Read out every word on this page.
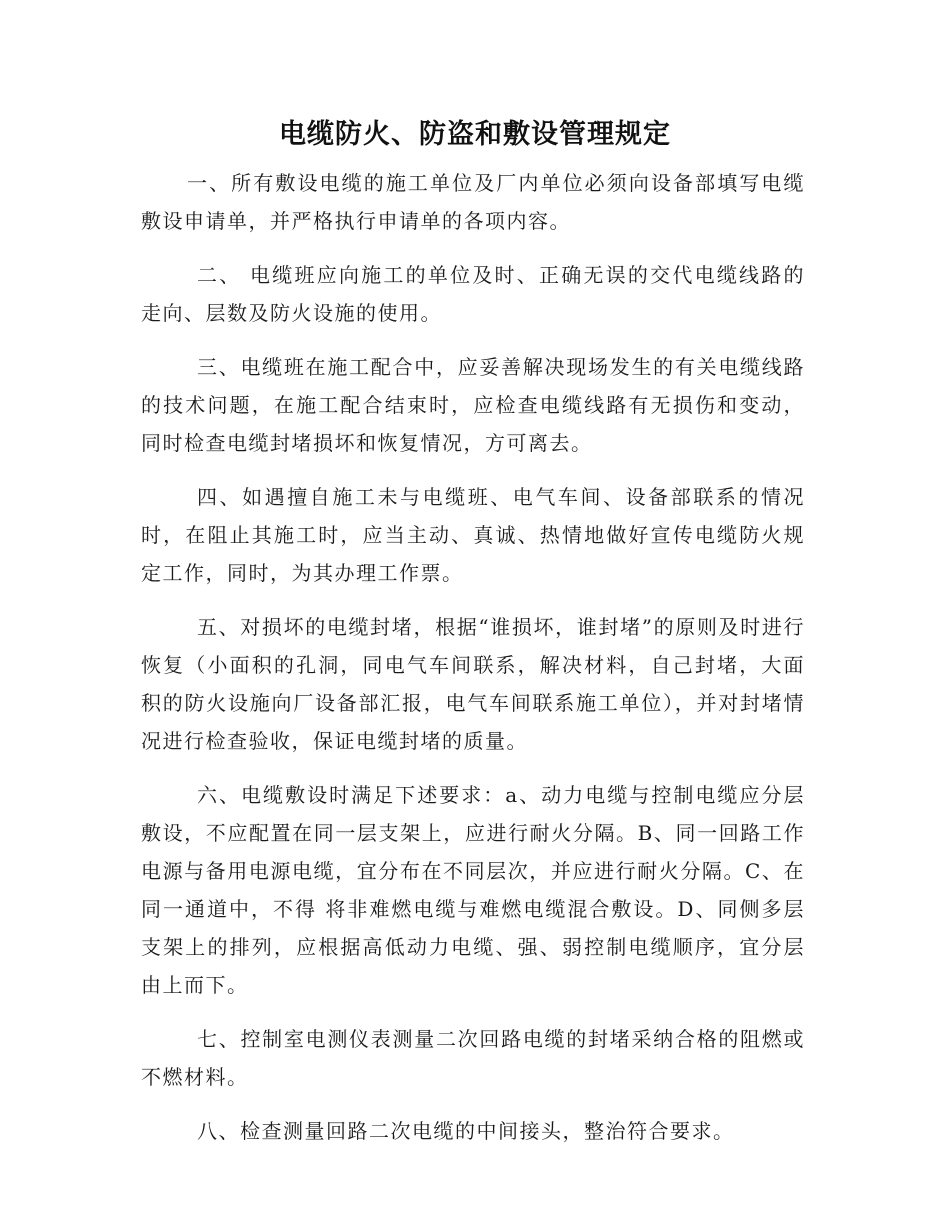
电缆防火、防盗和敷设管理规定

一、所有敷设电缆的施工单位及厂内单位必须向设备部填写电缆敷设申请单，并严格执行申请单的各项内容。

二、 电缆班应向施工的单位及时、正确无误的交代电缆线路的走向、层数及防火设施的使用。

三、电缆班在施工配合中，应妥善解决现场发生的有关电缆线路的技术问题，在施工配合结束时，应检查电缆线路有无损伤和变动，同时检查电缆封堵损坏和恢复情况，方可离去。

四、如遇擅自施工未与电缆班、电气车间、设备部联系的情况时，在阻止其施工时，应当主动、真诚、热情地做好宣传电缆防火规定工作，同时，为其办理工作票。

五、对损坏的电缆封堵，根据“谁损坏，谁封堵”的原则及时进行恢复（小面积的孔洞，同电气车间联系，解决材料，自己封堵，大面积的防火设施向厂设备部汇报，电气车间联系施工单位），并对封堵情况进行检查验收，保证电缆封堵的质量。

六、电缆敷设时满足下述要求：a、动力电缆与控制电缆应分层敷设，不应配置在同一层支架上，应进行耐火分隔。B、同一回路工作电源与备用电源电缆，宜分布在不同层次，并应进行耐火分隔。C、在同一通道中，不得 将非难燃电缆与难燃电缆混合敷设。D、同侧多层支架上的排列，应根据高低动力电缆、强、弱控制电缆顺序，宜分层由上而下。

七、控制室电测仪表测量二次回路电缆的封堵采纳合格的阻燃或不燃材料。

八、检查测量回路二次电缆的中间接头，整治符合要求。
